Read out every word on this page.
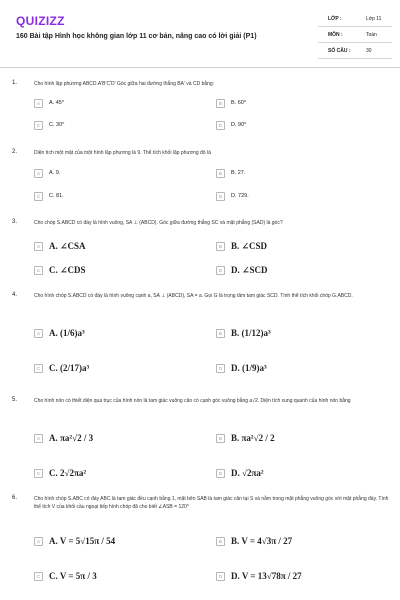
QUIZIZZ
160 Bài tập Hình học không gian lớp 11 cơ bản, nâng cao có lời giải (P1)
LỚP :	Lớp 11
MÔN :	Toán
SỐ CÂU :	30
1.	Cho hình lập phương ABCD.A'B'C'D' Góc giữa hai đường thẳng BA' và CD bằng:
A	A. 45⁰	B	B. 60⁰
C	C. 30⁰	D	D. 90⁰
2.	Diện tích một mặt của một hình lập phương là 9. Thể tích khối lập phương đó là
A	A. 9.	B	B. 27.
C	C. 81.	D	D. 729.
3.	Cho chóp S.ABCD có đáy là hình vuông, SA ⊥ (ABCD). Góc giữa đường thẳng SC và mặt phẳng (SAD) là góc?
A	A. ∠CSA	B	B. ∠CSD
C C. ∠CDS	D D. ∠SCD
4.	Cho hình chóp S.ABCD có đáy là hình vuông cạnh a, SA ⊥ (ABCD), SA = a. Gọi G là trọng tâm tam giác SCD. Tính thể tích khối chóp G.ABCD.
A	A. (1/6)a³	B	B. (1/12)a³
C C. (2/17)a³	D D. (1/9)a³
5.	Cho hình nón có thiết diện qua trục của hình nón là tam giác vuông cân có cạnh góc vuông bằng a√2. Diện tích xung quanh của hình nón bằng
A	A. πa²√2 / 3	B	B. πa²√2 / 2
C C. 2√2πa²	D D. √2πa²
6.	Cho hình chóp S.ABC có đáy ABC là tam giác đều cạnh bằng 1, mặt bên SAB là tam giác cân tại S và nằm trong mặt phẳng vuông góc với mặt phẳng đáy. Tính thể tích V của khối cầu ngoại tiếp hình chóp đã cho biết ∠ASB = 120⁰
A	A. V = 5√15π / 54	B	B. V = 4√3π / 27
C C. V = 5π / 3	D D. V = 13√78π / 27
